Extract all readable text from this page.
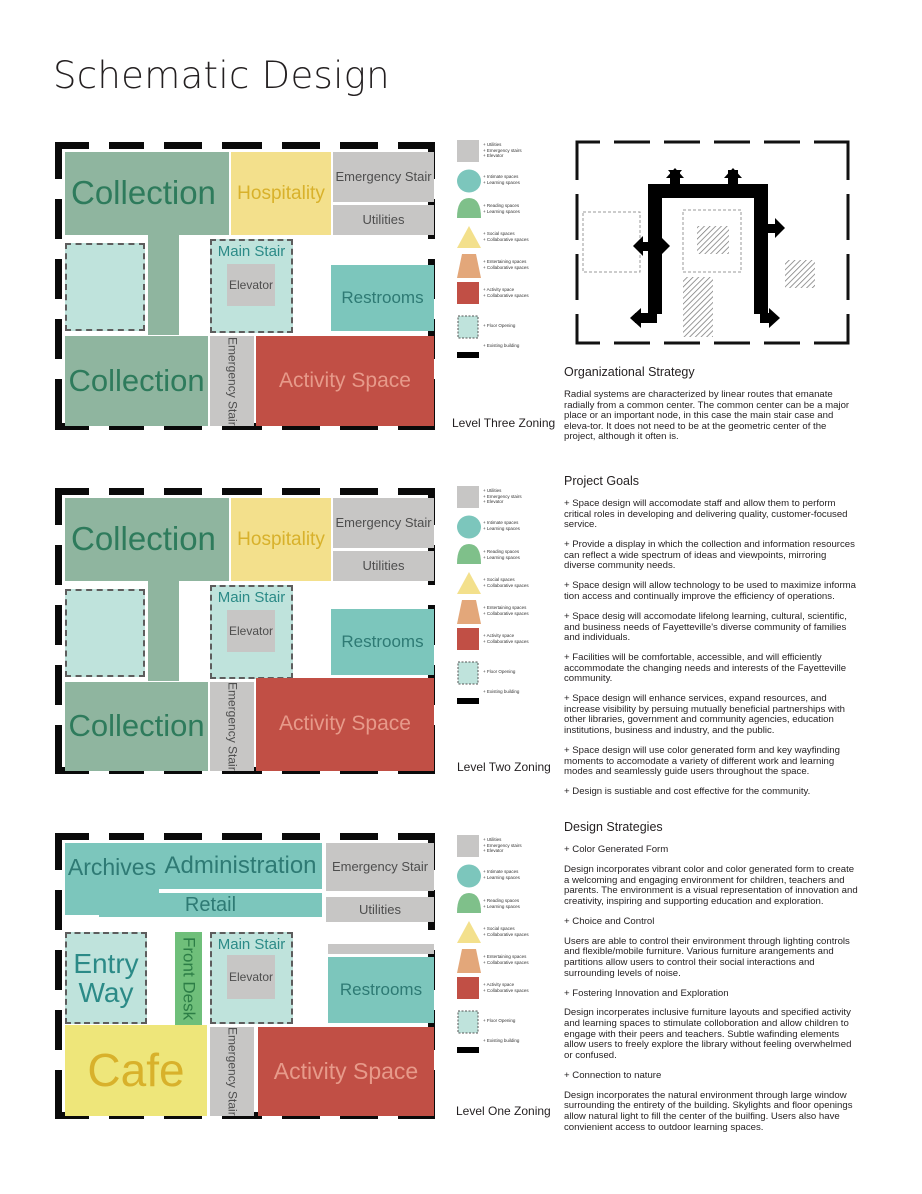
Schematic Design
Collection	Hospitality
Emergency Stair
Utilities
Main Stair
Elevator
Restrooms
Collection	Emergency Stair	Activity Space
Level Three Zoning
Collection	Hospitality
Emergency Stair
Utilities
Main Stair
Elevator
Restrooms
Collection	Emergency Stair	Activity Space
Level Two Zoning
Archives Administration	Emergency Stair
Retail	Utilities
Entry
Way	Front Desk Main Stair
Elevator
Restrooms
Cafe	Emergency Stair	Activity Space
Level One Zoning
+ Utilities
+ Emergency stairs
+ Elevator
+ Intimate spaces
+ Learning spaces
+ Reading spaces
+ Learning spaces
+ Social spaces
+ Collaborative spaces
+ Entertaining spaces
+ Collaborative spaces
+ Activity space
+ Collaborative spaces
+ Floor Opening
+ Existing building
+ Utilities
+ Emergency stairs
+ Elevator
+ Intimate spaces
+ Learning spaces
+ Reading spaces
+ Learning spaces
+ Social spaces
+ Collaborative spaces
+ Entertaining spaces
+ Collaborative spaces
+ Activity space
+ Collaborative spaces
+ Floor Opening
+ Existing building
+ Utilities
+ Emergency stairs
+ Elevator
+ Intimate spaces
+ Learning spaces
+ Reading spaces
+ Learning spaces
+ Social spaces
+ Collaborative spaces
+ Entertaining spaces
+ Collaborative spaces
+ Activity space
+ Collaborative spaces
+ Floor Opening
+ Existing building
Organizational Strategy
Radial systems are characterized by linear routes that emanate radially from a common center. The common center can be a major place or an important node, in this case the main stair case and eleva-tor. It does not need to be at the geometric center of the project, although it often is.
Project Goals

+ Space design will accomodate staff and allow them to perform critical roles in developing and delivering quality, customer-focused service.

+ Provide a display in which the collection and information resources can reflect a wide spectrum of ideas and viewpoints, mirroring diverse community needs.

+ Space design will allow technology to be used to maximize informa tion access and continually improve the efficiency of operations.

+ Space desig will accomodate lifelong learning, cultural, scientific, and business needs of Fayetteville's diverse community of families and individuals.

+ Facilities will be comfortable, accessible, and will efficiently accommodate the changing needs and interests of the Fayetteville community.

+ Space design will enhance services, expand resources, and increase visibility by persuing mutually beneficial partnerships with other libraries, government and community agencies, education institutions, business and industry, and the public.

+ Space design will use color generated form and key wayfinding moments to accomodate a variety of different work and learning modes and seamlessly guide users throughout the space.

+ Design is sustiable and cost effective for the community.

Design Strategies

+ Color Generated Form

Design incorporates vibrant color and color generated form to create a welcoming and engaging environment for children, teachers and parents. The environment is a visual representation of innovation and creativity, inspiring and supporting education and exploration.

+ Choice and Control

Users are able to control their environment through lighting controls and flexible/mobile furniture. Various furniture arangements and partitions allow users to control their social interactions and surrounding levels of noise.

+ Fostering Innovation and Exploration

Design incorperates inclusive furniture layouts and specified activity and learning spaces to stimulate colloboration and allow children to engage with their peers and teachers. Subtle wafinding elements allow users to freely explore the library without feeling overwhelmed or confused.

+ Connection to nature

Design incorporates the natural environment through large window surrounding the entirety of the building. Skylights and floor openings allow natural light to fill the center of the builfing. Users also have convienient access to outdoor learning spaces.
